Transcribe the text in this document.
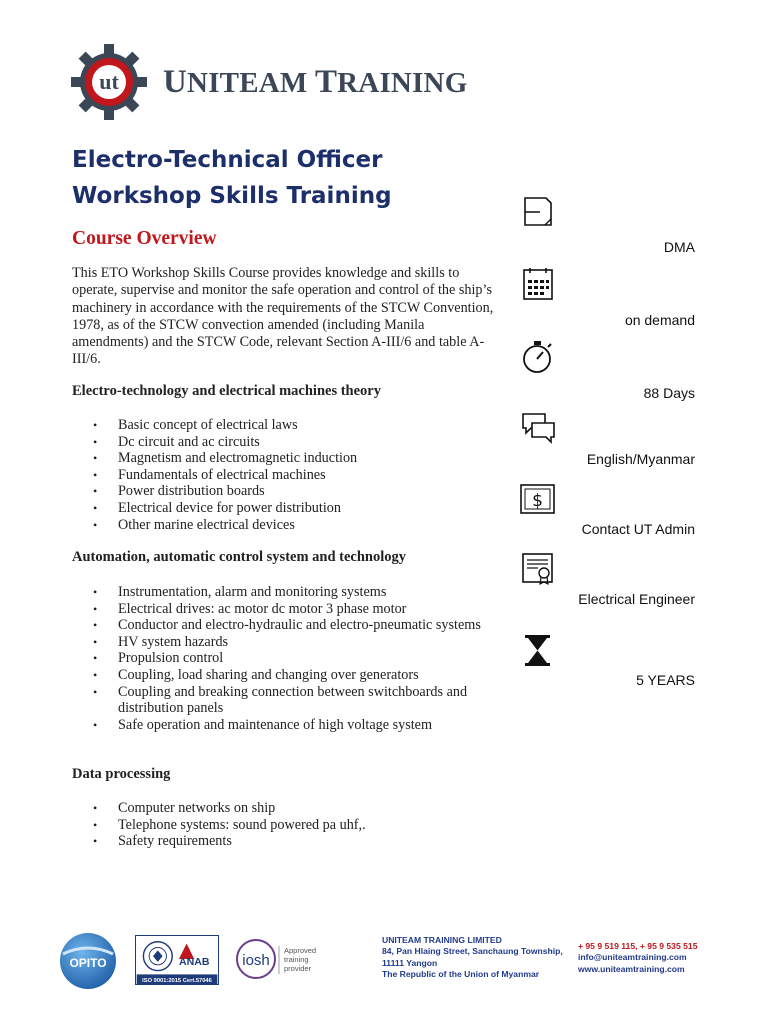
ut UNITEAM TRAINING
Electro-Technical Officer
Workshop Skills Training
Course Overview

This ETO Workshop Skills Course provides knowledge and skills to operate, supervise and monitor the safe operation and control of the ship’s machinery in accordance with the requirements of the STCW Convention, 1978, as of the STCW convection amended (including Manila amendments) and the STCW Code, relevant Section A-III/6 and table A-III/6.

Electro-technology and electrical machines theory
• Basic concept of electrical laws
• Dc circuit and ac circuits
• Magnetism and electromagnetic induction
• Fundamentals of electrical machines
• Power distribution boards
• Electrical device for power distribution
• Other marine electrical devices
Automation, automatic control system and technology
• Instrumentation, alarm and monitoring systems
• Electrical drives: ac motor dc motor 3 phase motor
• Conductor and electro-hydraulic and electro-pneumatic systems
• HV system hazards
• Propulsion control
• Coupling, load sharing and changing over generators
• Coupling and breaking connection between switchboards and distribution panels
• Safe operation and maintenance of high voltage system
Data processing
• Computer networks on ship
• Telephone systems: sound powered pa uhf,.
• Safety requirements
DMA
on demand
88 Days
English/Myanmar
$
Contact UT Admin
Electrical Engineer
5 YEARS
OPITO	ANAB
ISO 9001:2015 Cert.57046
iosh
Approved
training
provider
UNITEAM TRAINING LIMITED
84, Pan Hlaing Street, Sanchaung Township,
11111 Yangon
The Republic of the Union of Myanmar
+ 95 9 519 115, + 95 9 535 515
info@uniteamtraining.com
www.uniteamtraining.com
